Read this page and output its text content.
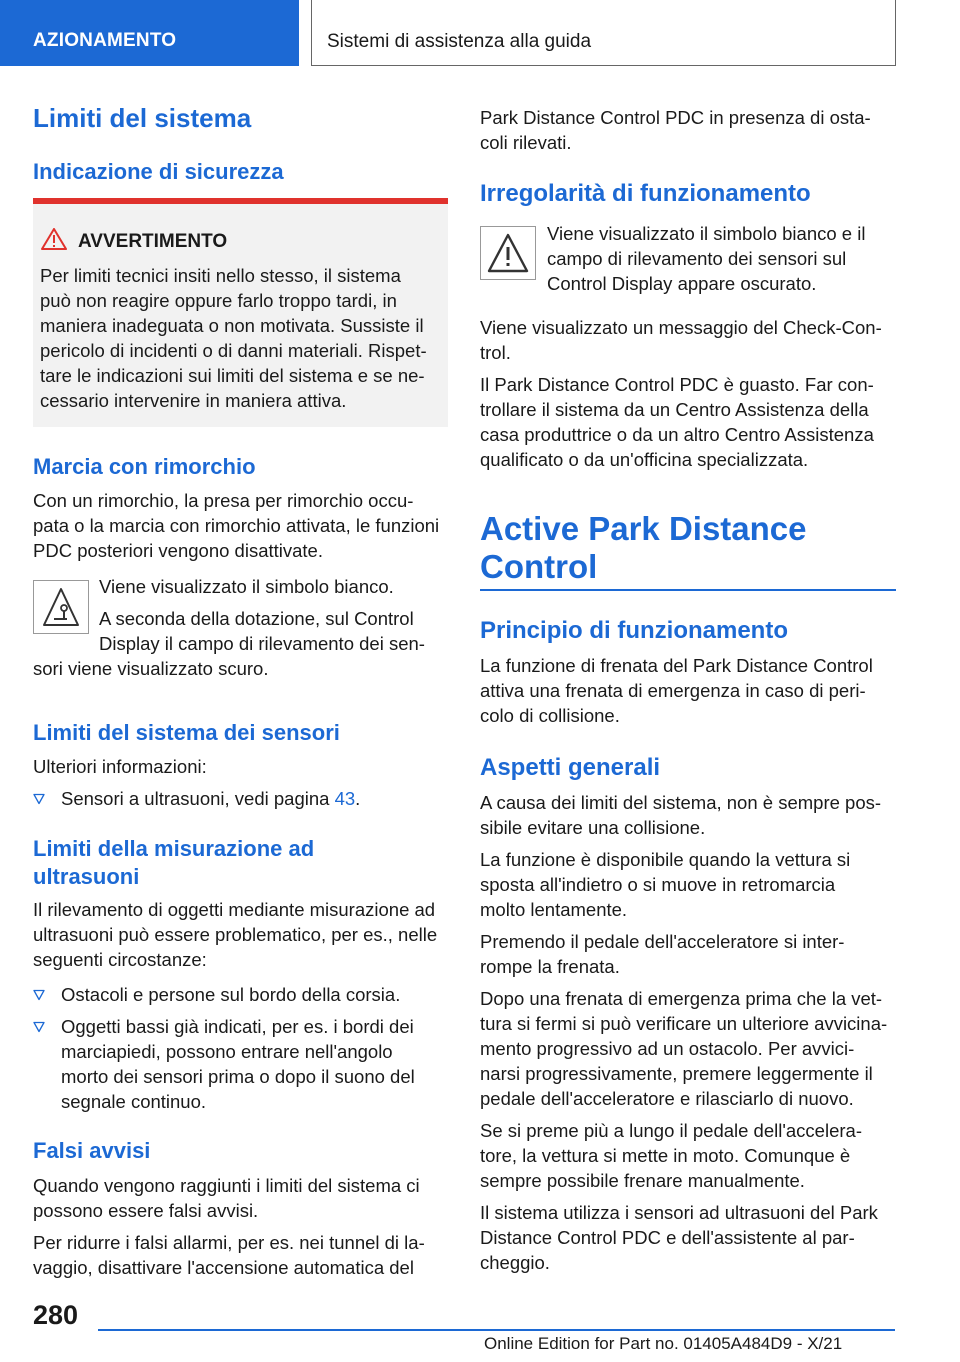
AZIONAMENTO	Sistemi di assistenza alla guida
Limiti del sistema
Indicazione di sicurezza
AVVERTIMENTO
Per limiti tecnici insiti nello stesso, il sistema
può non reagire oppure farlo troppo tardi, in
maniera inadeguata o non motivata. Sussiste il
pericolo di incidenti o di danni materiali. Rispet-
tare le indicazioni sui limiti del sistema e se ne-
cessario intervenire in maniera attiva.
Marcia con rimorchio
Con un rimorchio, la presa per rimorchio occu-
pata o la marcia con rimorchio attivata, le funzioni
PDC posteriori vengono disattivate.
Viene visualizzato il simbolo bianco.
A seconda della dotazione, sul Control
Display il campo di rilevamento dei sen-
sori viene visualizzato scuro.
Limiti del sistema dei sensori
Ulteriori informazioni:
Sensori a ultrasuoni, vedi pagina 43.
Limiti della misurazione ad
ultrasuoni
Il rilevamento di oggetti mediante misurazione ad
ultrasuoni può essere problematico, per es., nelle
seguenti circostanze:
Ostacoli e persone sul bordo della corsia.
Oggetti bassi già indicati, per es. i bordi dei
marciapiedi, possono entrare nell'angolo
morto dei sensori prima o dopo il suono del
segnale continuo.
Falsi avvisi
Quando vengono raggiunti i limiti del sistema ci
possono essere falsi avvisi.
Per ridurre i falsi allarmi, per es. nei tunnel di la-
vaggio, disattivare l'accensione automatica del
Park Distance Control PDC in presenza di osta-
coli rilevati.
Irregolarità di funzionamento
Viene visualizzato il simbolo bianco e il
campo di rilevamento dei sensori sul
Control Display appare oscurato.
Viene visualizzato un messaggio del Check-Con-
trol.
Il Park Distance Control PDC è guasto. Far con-
trollare il sistema da un Centro Assistenza della
casa produttrice o da un altro Centro Assistenza
qualificato o da un'officina specializzata.
Active Park Distance
Control
Principio di funzionamento
La funzione di frenata del Park Distance Control
attiva una frenata di emergenza in caso di peri-
colo di collisione.
Aspetti generali
A causa dei limiti del sistema, non è sempre pos-
sibile evitare una collisione.
La funzione è disponibile quando la vettura si
sposta all'indietro o si muove in retromarcia
molto lentamente.
Premendo il pedale dell'acceleratore si inter-
rompe la frenata.
Dopo una frenata di emergenza prima che la vet-
tura si fermi si può verificare un ulteriore avvicina-
mento progressivo ad un ostacolo. Per avvici-
narsi progressivamente, premere leggermente il
pedale dell'acceleratore e rilasciarlo di nuovo.
Se si preme più a lungo il pedale dell'accelera-
tore, la vettura si mette in moto. Comunque è
sempre possibile frenare manualmente.
Il sistema utilizza i sensori ad ultrasuoni del Park
Distance Control PDC e dell'assistente al par-
cheggio.
280
Online Edition for Part no. 01405A484D9 - X/21
